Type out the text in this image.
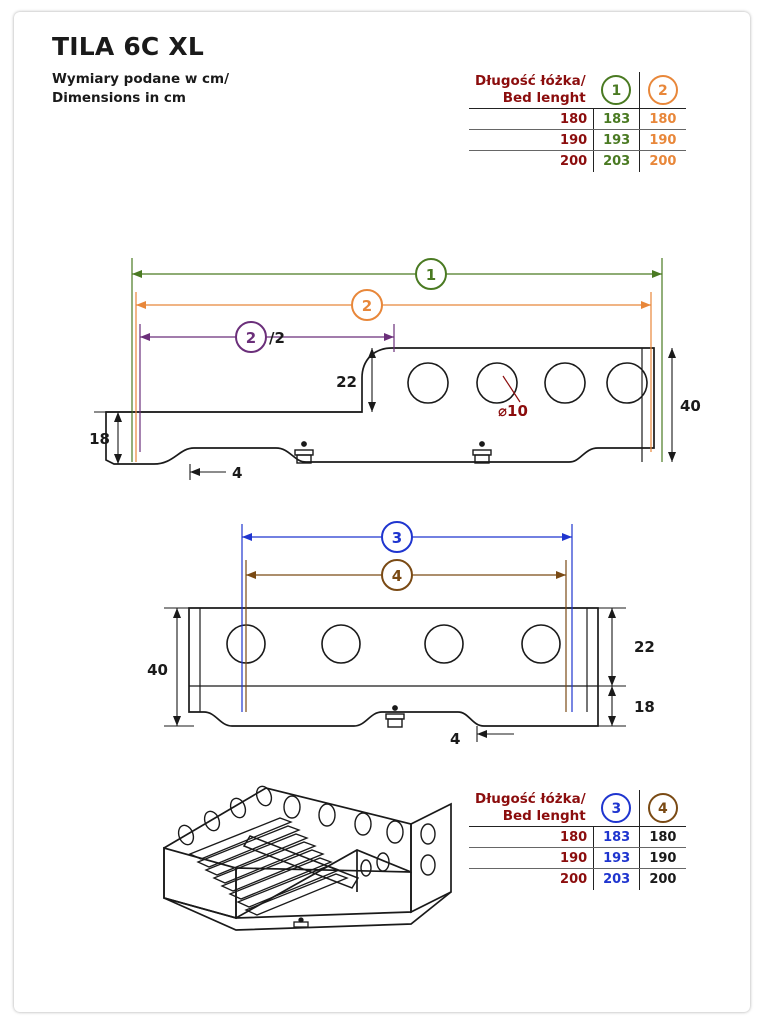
TILA 6C XL
Wymiary podane w cm/
Dimensions in cm
Długość łóżka/
Bed lenght	1	2
180	183	180
190	193	190
200	203	200
⌀10
1
2
2 /2
22
18
40
4
3
4
40
22
18
4
Długość łóżka/
Bed lenght	3	4
180	183	180
190	193	190
200	203	200
